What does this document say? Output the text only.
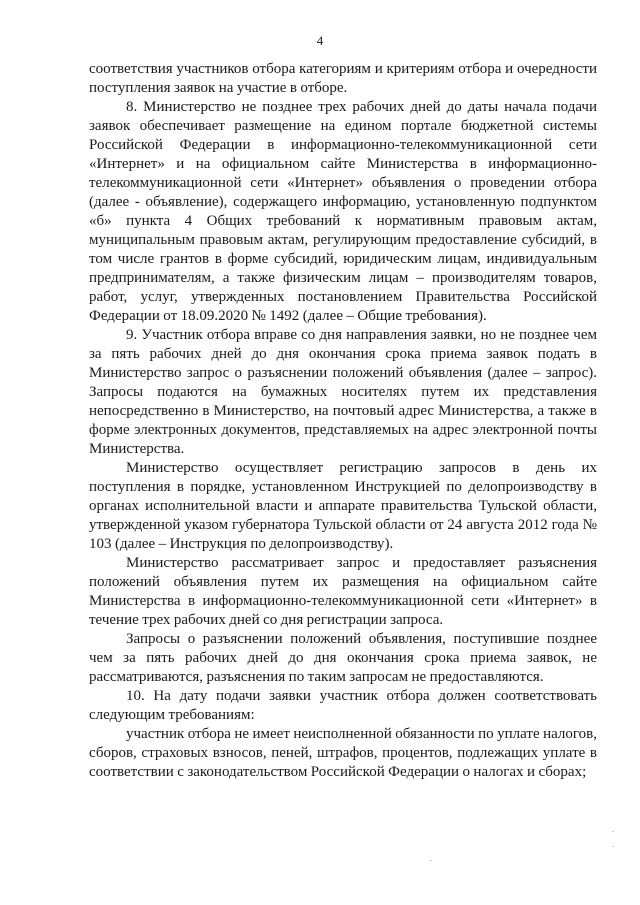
4

соответствия участников отбора категориям и критериям отбора и очередности поступления заявок на участие в отборе.

8. Министерство не позднее трех рабочих дней до даты начала подачи заявок обеспечивает размещение на едином портале бюджетной системы Российской Федерации в информационно-телекоммуникационной сети «Интернет» и на официальном сайте Министерства в информационно-телекоммуникационной сети «Интернет» объявления о проведении отбора (далее - объявление), содержащего информацию, установленную подпунктом «б» пункта 4 Общих требований к нормативным правовым актам, муниципальным правовым актам, регулирующим предоставление субсидий, в том числе грантов в форме субсидий, юридическим лицам, индивидуальным предпринимателям, а также физическим лицам – производителям товаров, работ, услуг, утвержденных постановлением Правительства Российской Федерации от 18.09.2020 № 1492 (далее – Общие требования).

9. Участник отбора вправе со дня направления заявки, но не позднее чем за пять рабочих дней до дня окончания срока приема заявок подать в Министерство запрос о разъяснении положений объявления (далее – запрос). Запросы подаются на бумажных носителях путем их представления непосредственно в Министерство, на почтовый адрес Министерства, а также в форме электронных документов, представляемых на адрес электронной почты Министерства.

Министерство осуществляет регистрацию запросов в день их поступления в порядке, установленном Инструкцией по делопроизводству в органах исполнительной власти и аппарате правительства Тульской области, утвержденной указом губернатора Тульской области от 24 августа 2012 года № 103 (далее – Инструкция по делопроизводству).

Министерство рассматривает запрос и предоставляет разъяснения положений объявления путем их размещения на официальном сайте Министерства в информационно-телекоммуникационной сети «Интернет» в течение трех рабочих дней со дня регистрации запроса.

Запросы о разъяснении положений объявления, поступившие позднее чем за пять рабочих дней до дня окончания срока приема заявок, не рассматриваются, разъяснения по таким запросам не предоставляются.

10. На дату подачи заявки участник отбора должен соответствовать следующим требованиям:

участник отбора не имеет неисполненной обязанности по уплате налогов, сборов, страховых взносов, пеней, штрафов, процентов, подлежащих уплате в соответствии с законодательством Российской Федерации о налогах и сборах;
